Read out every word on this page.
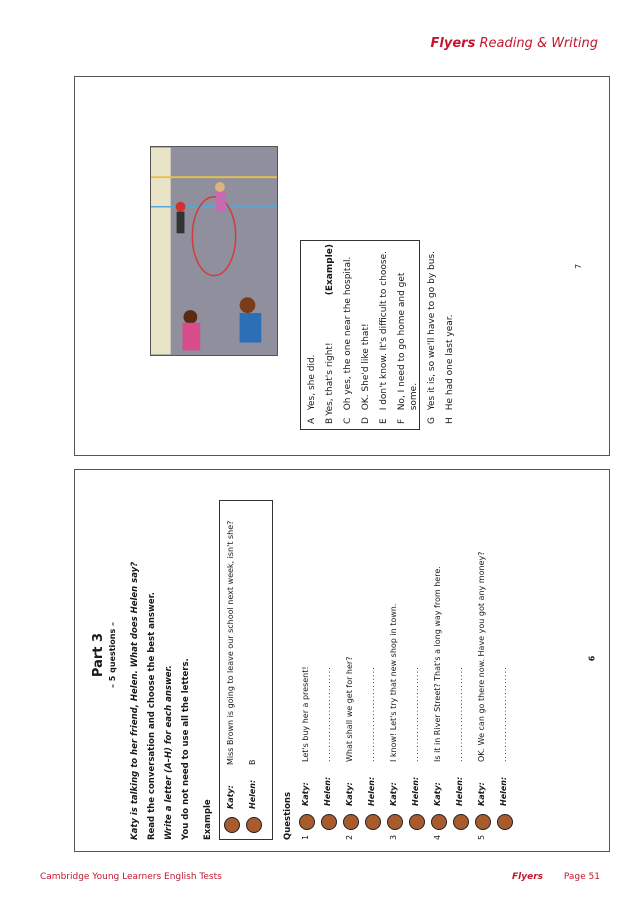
Flyers Reading & Writing
A
Yes, she did.
B
Yes, that's right!
(Example)
C
Oh yes, the one near the hospital.
D
OK. She'd like that!
E
I don't know. It's difficult to choose.
F
No, I need to go home and get some.
G
Yes it is, so we'll have to go by bus.
H
He had one last year.
7
Part 3 – 5 questions –	Katy is talking to her friend, Helen. What does Helen say? Read the conversation and choose the best answer. Write a letter (A–H) for each answer. You do not need to use all the letters. Example
Katy:
Miss Brown is going to leave our school next week, isn't she?
Helen:
B
Questions 1
Katy:
Let's buy her a present!
Helen:
...........................
2
Katy:
What shall we get for her?
Helen:
...........................
3
Katy:
I know! Let's try that new shop in town.
Helen:
...........................
4
Katy:
Is it in River Street? That's a long way from here.
Helen:
...........................
5
Katy:
OK. We can go there now. Have you got any money?
Helen:
...........................
6
Cambridge Young Learners English Tests	Flyers Page 51
